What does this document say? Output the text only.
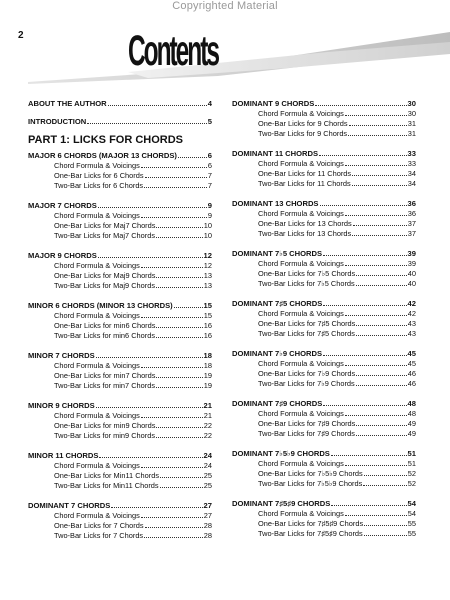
Copyrighted Material
2	Contents
ABOUT THE AUTHOR	4
INTRODUCTION	5
PART 1: LICKS FOR CHORDS
MAJOR 6 CHORDS (MAJOR 13 CHORDS)	6
Chord Formula & Voicings	6
One-Bar Licks for 6 Chords	7
Two-Bar Licks for 6 Chords	7
MAJOR 7 CHORDS	9
Chord Formula & Voicings	9
One-Bar Licks for Maj7 Chords	10
Two-Bar Licks for Maj7 Chords	10
MAJOR 9 CHORDS	12
Chord Formula & Voicings	12
One-Bar Licks for Maj9 Chords	13
Two-Bar Licks for Maj9 Chords	13
MINOR 6 CHORDS (MINOR 13 CHORDS)	15
Chord Formula & Voicings	15
One-Bar Licks for min6 Chords	16
Two-Bar Licks for min6 Chords	16
MINOR 7 CHORDS	18
Chord Formula & Voicings	18
One-Bar Licks for min7 Chords	19
Two-Bar Licks for min7 Chords	19
MINOR 9 CHORDS	21
Chord Formula & Voicings	21
One-Bar Licks for min9 Chords	22
Two-Bar Licks for min9 Chords	22
MINOR 11 CHORDS	24
Chord Formula & Voicings	24
One-Bar Licks for Min11 Chords	25
Two-Bar Licks for Min11 Chords	25
DOMINANT 7 CHORDS	27
Chord Formula & Voicings	27
One-Bar Licks for 7 Chords	28
Two-Bar Licks for 7 Chords	28
DOMINANT 9 CHORDS	30
Chord Formula & Voicings	30
One-Bar Licks for 9 Chords	31
Two-Bar Licks for 9 Chords	31
DOMINANT 11 CHORDS	33
Chord Formula & Voicings	33
One-Bar Licks for 11 Chords	34
Two-Bar Licks for 11 Chords	34
DOMINANT 13 CHORDS	36
Chord Formula & Voicings	36
One-Bar Licks for 13 Chords	37
Two-Bar Licks for 13 Chords	37
DOMINANT 7♭5 CHORDS	39
Chord Formula & Voicings	39
One-Bar Licks for 7♭5 Chords	40
Two-Bar Licks for 7♭5 Chords	40
DOMINANT 7♯5 CHORDS	42
Chord Formula & Voicings	42
One-Bar Licks for 7♯5 Chords	43
Two-Bar Licks for 7♯5 Chords	43
DOMINANT 7♭9 CHORDS	45
Chord Formula & Voicings	45
One-Bar Licks for 7♭9 Chords	46
Two-Bar Licks for 7♭9 Chords	46
DOMINANT 7♯9 CHORDS	48
Chord Formula & Voicings	48
One-Bar Licks for 7♯9 Chords	49
Two-Bar Licks for 7♯9 Chords	49
DOMINANT 7♭5♭9 CHORDS	51
Chord Formula & Voicings	51
One-Bar Licks for 7♭5♭9 Chords	52
Two-Bar Licks for 7♭5♭9 Chords	52
DOMINANT 7♯5♯9 CHORDS	54
Chord Formula & Voicings	54
One-Bar Licks for 7♯5♯9 Chords	55
Two-Bar Licks for 7♯5♯9 Chords	55
